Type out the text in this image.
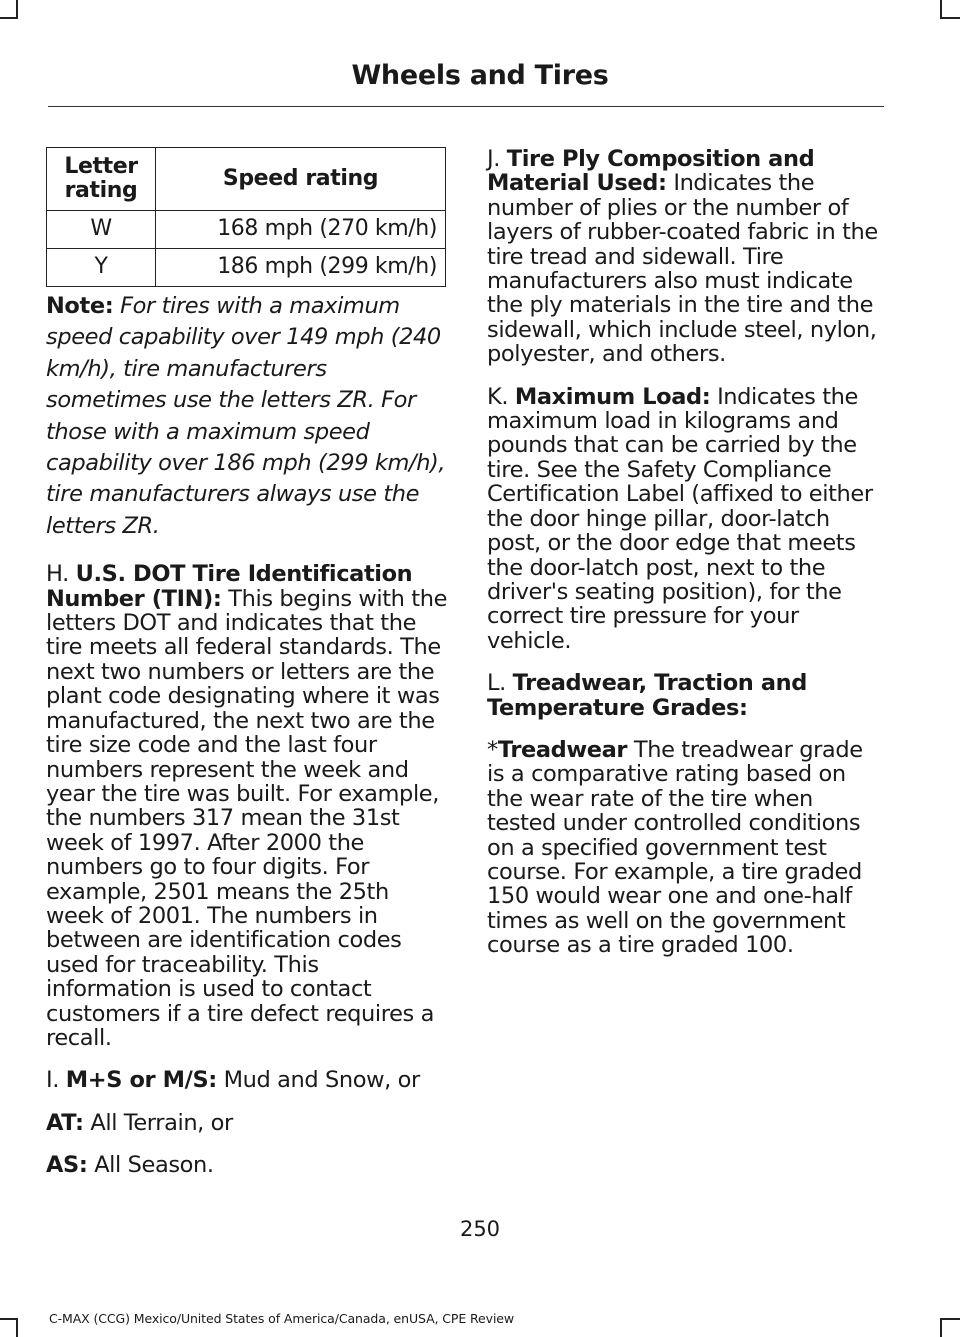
Wheels and Tires
Letter rating	Speed rating
W	168 mph (270 km/h)
Y	186 mph (299 km/h)

Note: For tires with a maximum speed capability over 149 mph (240 km/h), tire manufacturers sometimes use the letters ZR. For those with a maximum speed capability over 186 mph (299 km/h), tire manufacturers always use the letters ZR.

H. U.S. DOT Tire Identification Number (TIN): This begins with the letters DOT and indicates that the tire meets all federal standards. The next two numbers or letters are the plant code designating where it was manufactured, the next two are the tire size code and the last four numbers represent the week and year the tire was built. For example, the numbers 317 mean the 31st week of 1997. After 2000 the numbers go to four digits. For example, 2501 means the 25th week of 2001. The numbers in between are identification codes used for traceability. This information is used to contact customers if a tire defect requires a recall.

I. M+S or M/S: Mud and Snow, or

AT: All Terrain, or

AS: All Season.

J. Tire Ply Composition and Material Used: Indicates the number of plies or the number of layers of rubber-coated fabric in the tire tread and sidewall. Tire manufacturers also must indicate the ply materials in the tire and the sidewall, which include steel, nylon, polyester, and others.

K. Maximum Load: Indicates the maximum load in kilograms and pounds that can be carried by the tire. See the Safety Compliance Certification Label (affixed to either the door hinge pillar, door-latch post, or the door edge that meets the door-latch post, next to the driver's seating position), for the correct tire pressure for your vehicle.

L. Treadwear, Traction and Temperature Grades:

*Treadwear The treadwear grade is a comparative rating based on the wear rate of the tire when tested under controlled conditions on a specified government test course. For example, a tire graded 150 would wear one and one-half times as well on the government course as a tire graded 100.

250
C-MAX (CCG) Mexico/United States of America/Canada, enUSA, CPE Review
